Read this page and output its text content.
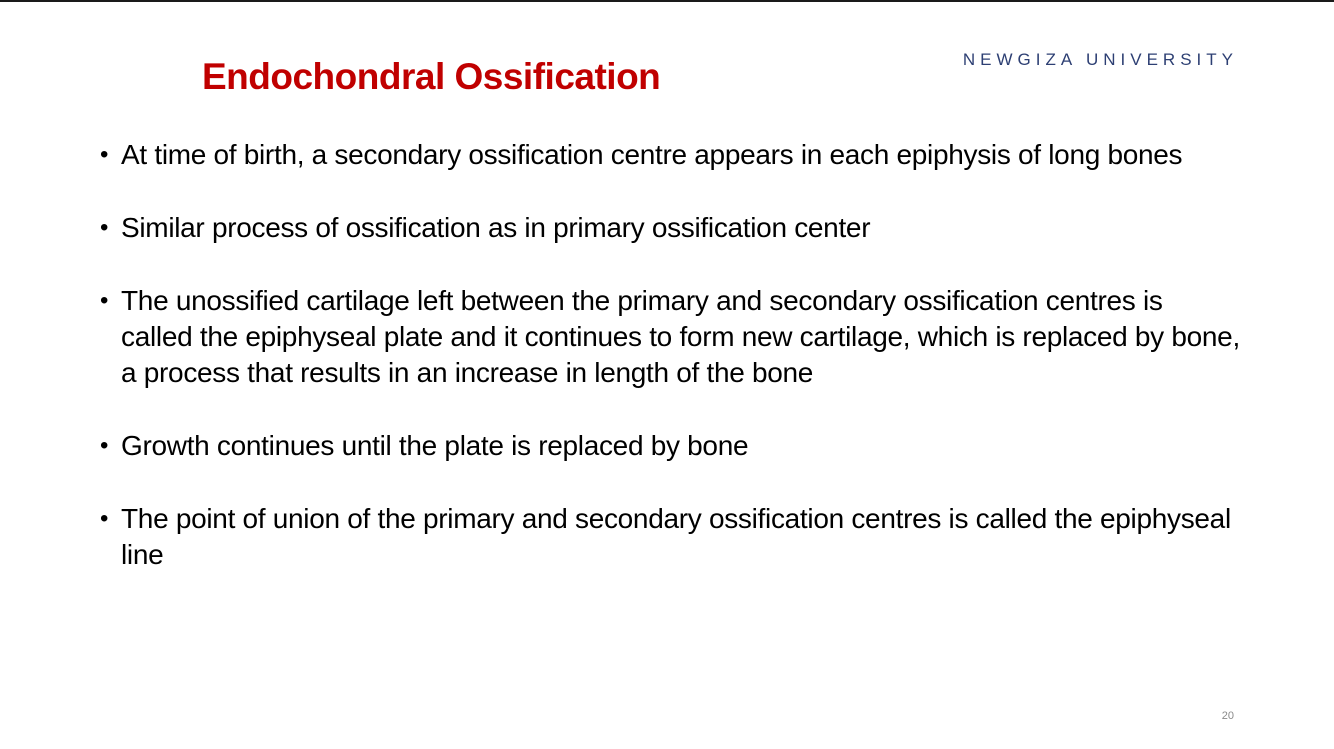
NEWGIZA UNIVERSITY
Endochondral Ossification
• At time of birth, a secondary ossification centre appears in each epiphysis of long bones
• Similar process of ossification as in primary ossification center
• The unossified cartilage left between the primary and secondary ossification centres is called the epiphyseal plate and it continues to form new cartilage, which is replaced by bone, a process that results in an increase in length of the bone
• Growth continues until the plate is replaced by bone
• The point of union of the primary and secondary ossification centres is called the epiphyseal line
20
